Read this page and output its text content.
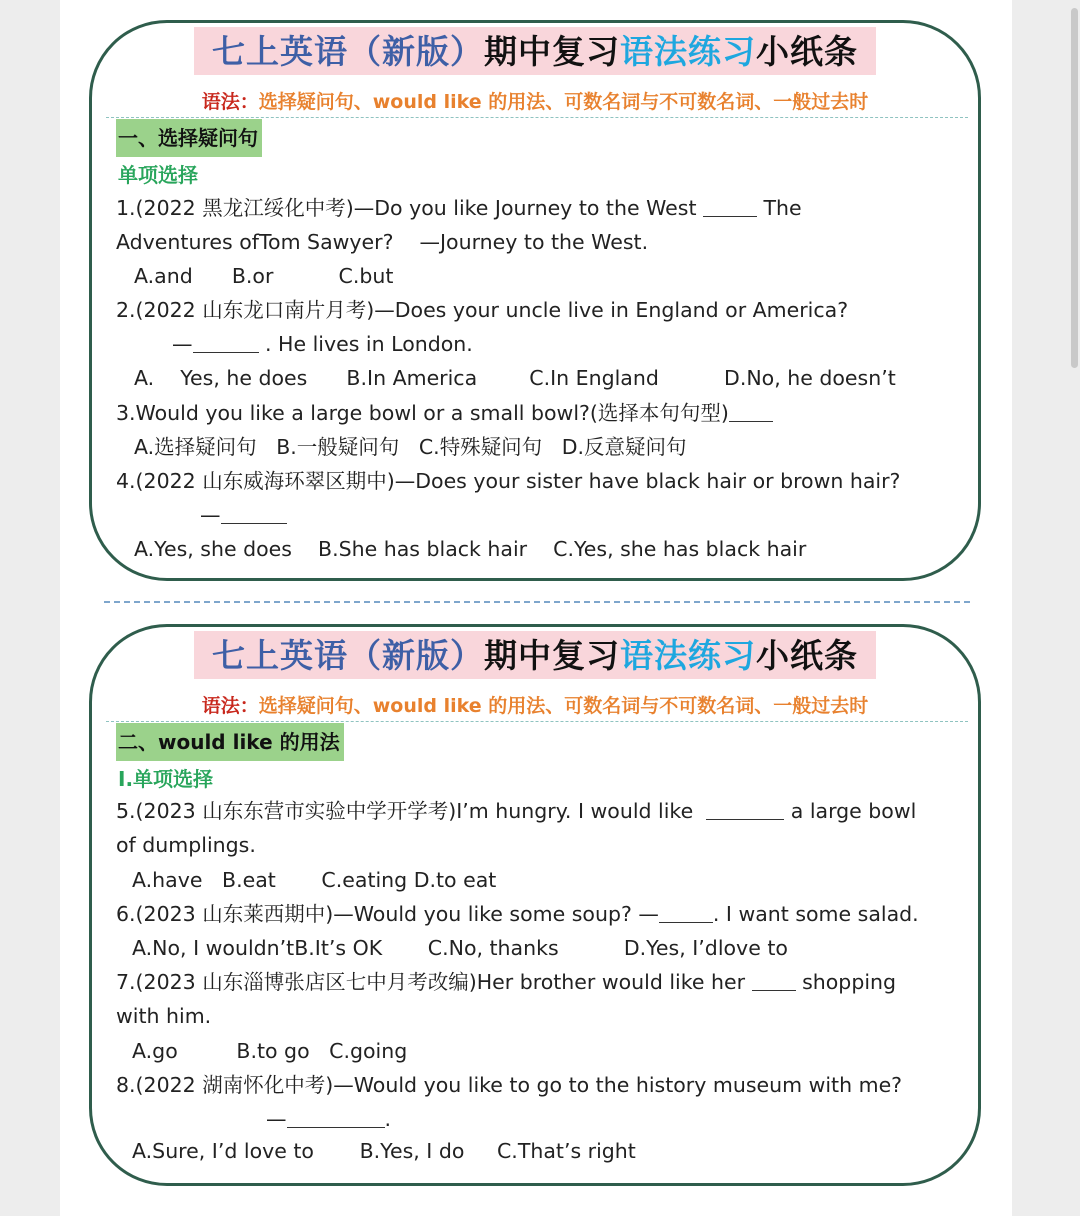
七上英语（新版）期中复习语法练习小纸条
语法：选择疑问句、would like 的用法、可数名词与不可数名词、一般过去时
一、选择疑问句
单项选择
1.(2022 黑龙江绥化中考)—Do you like Journey to the West	The
Adventures ofTom Sawyer?    —Journey to the West.
A.and      B.or          C.but
2.(2022 山东龙口南片月考)—Does your uncle live in England or America?
—	. He lives in London.
A.    Yes, he does      B.In America        C.In England          D.No, he doesn’t
3.Would you like a large bowl or a small bowl?(选择本句句型)
A.选择疑问句   B.一般疑问句   C.特殊疑问句   D.反意疑问句
4.(2022 山东威海环翠区期中)—Does your sister have black hair or brown hair?
—
A.Yes, she does    B.She has black hair    C.Yes, she has black hair
七上英语（新版）期中复习语法练习小纸条
语法：选择疑问句、would like 的用法、可数名词与不可数名词、一般过去时
二、would like 的用法
Ⅰ.单项选择
5.(2023 山东东营市实验中学开学考)I’m hungry. I would like	a large bowl
of dumplings.
A.have   B.eat       C.eating D.to eat
6.(2023 山东莱西期中)—Would you like some soup? —	. I want some salad.
A.No, I wouldn’tB.It’s OK       C.No, thanks          D.Yes, I’dlove to
7.(2023 山东淄博张店区七中月考改编)Her brother would like her  shopping
with him.
A.go         B.to go   C.going
8.(2022 湖南怀化中考)—Would you like to go to the history museum with me?
—	.
A.Sure, I’d love to       B.Yes, I do     C.That’s right
